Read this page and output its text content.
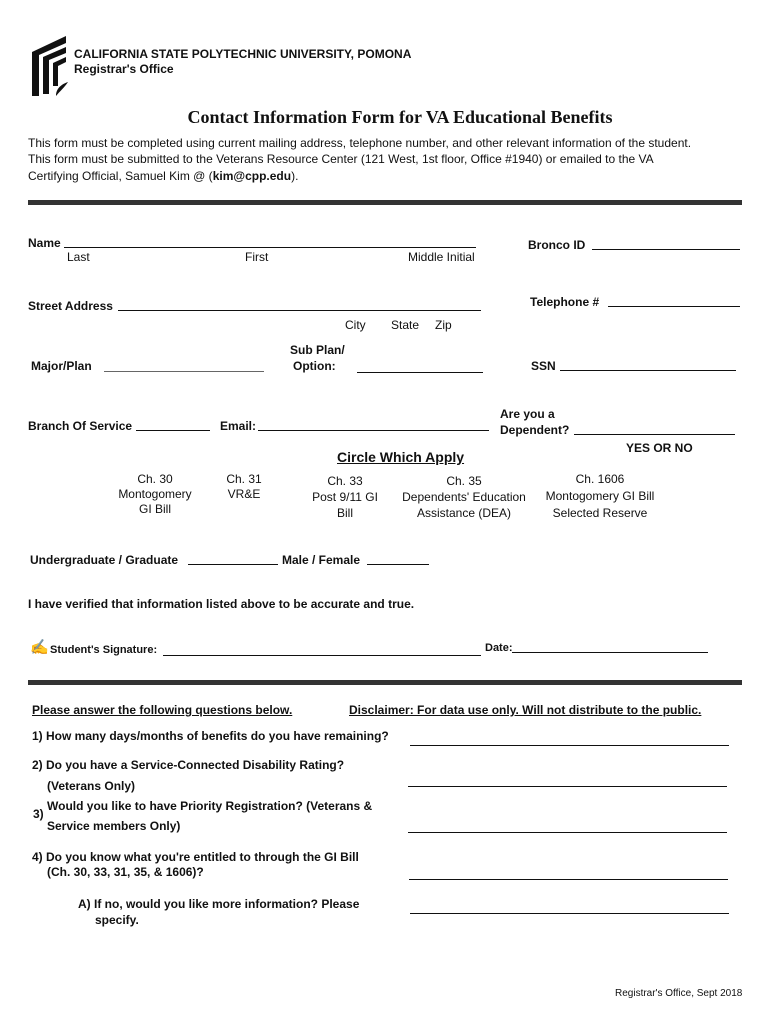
CALIFORNIA STATE POLYTECHNIC UNIVERSITY, POMONA
Registrar's Office
Contact Information Form for VA Educational Benefits
This form must be completed using current mailing address, telephone number, and other relevant information of the student.
This form must be submitted to the Veterans Resource Center (121 West, 1st floor, Office #1940) or emailed to the VA
Certifying Official, Samuel Kim @ (kim@cpp.edu).
Name
Last	First	Middle Initial
Bronco ID
Street Address
City State Zip
Telephone #
Major/Plan
Sub Plan/
Option:	SSN
Branch Of Service	Email:
Are you a
Dependent?
YES OR NO
Circle Which Apply
Ch. 30
Montogomery
GI Bill
Ch. 31
VR&E
Ch. 33
Post 9/11 GI
Bill
Ch. 35
Dependents' Education
Assistance (DEA)
Ch. 1606
Montogomery GI Bill
Selected Reserve
Undergraduate / Graduate	Male / Female
I have verified that information listed above to be accurate and true.
✍ Student's Signature:	Date:
Please answer the following questions below.	Disclaimer: For data use only. Will not distribute to the public.
1) How many days/months of benefits do you have remaining?
2) Do you have a Service-Connected Disability Rating?
(Veterans Only)
3)
Would you like to have Priority Registration? (Veterans &
Service members Only)
4) Do you know what you're entitled to through the GI Bill
(Ch. 30, 33, 31, 35, & 1606)?
A) If no, would you like more information? Please
specify.
Registrar's Office, Sept 2018
